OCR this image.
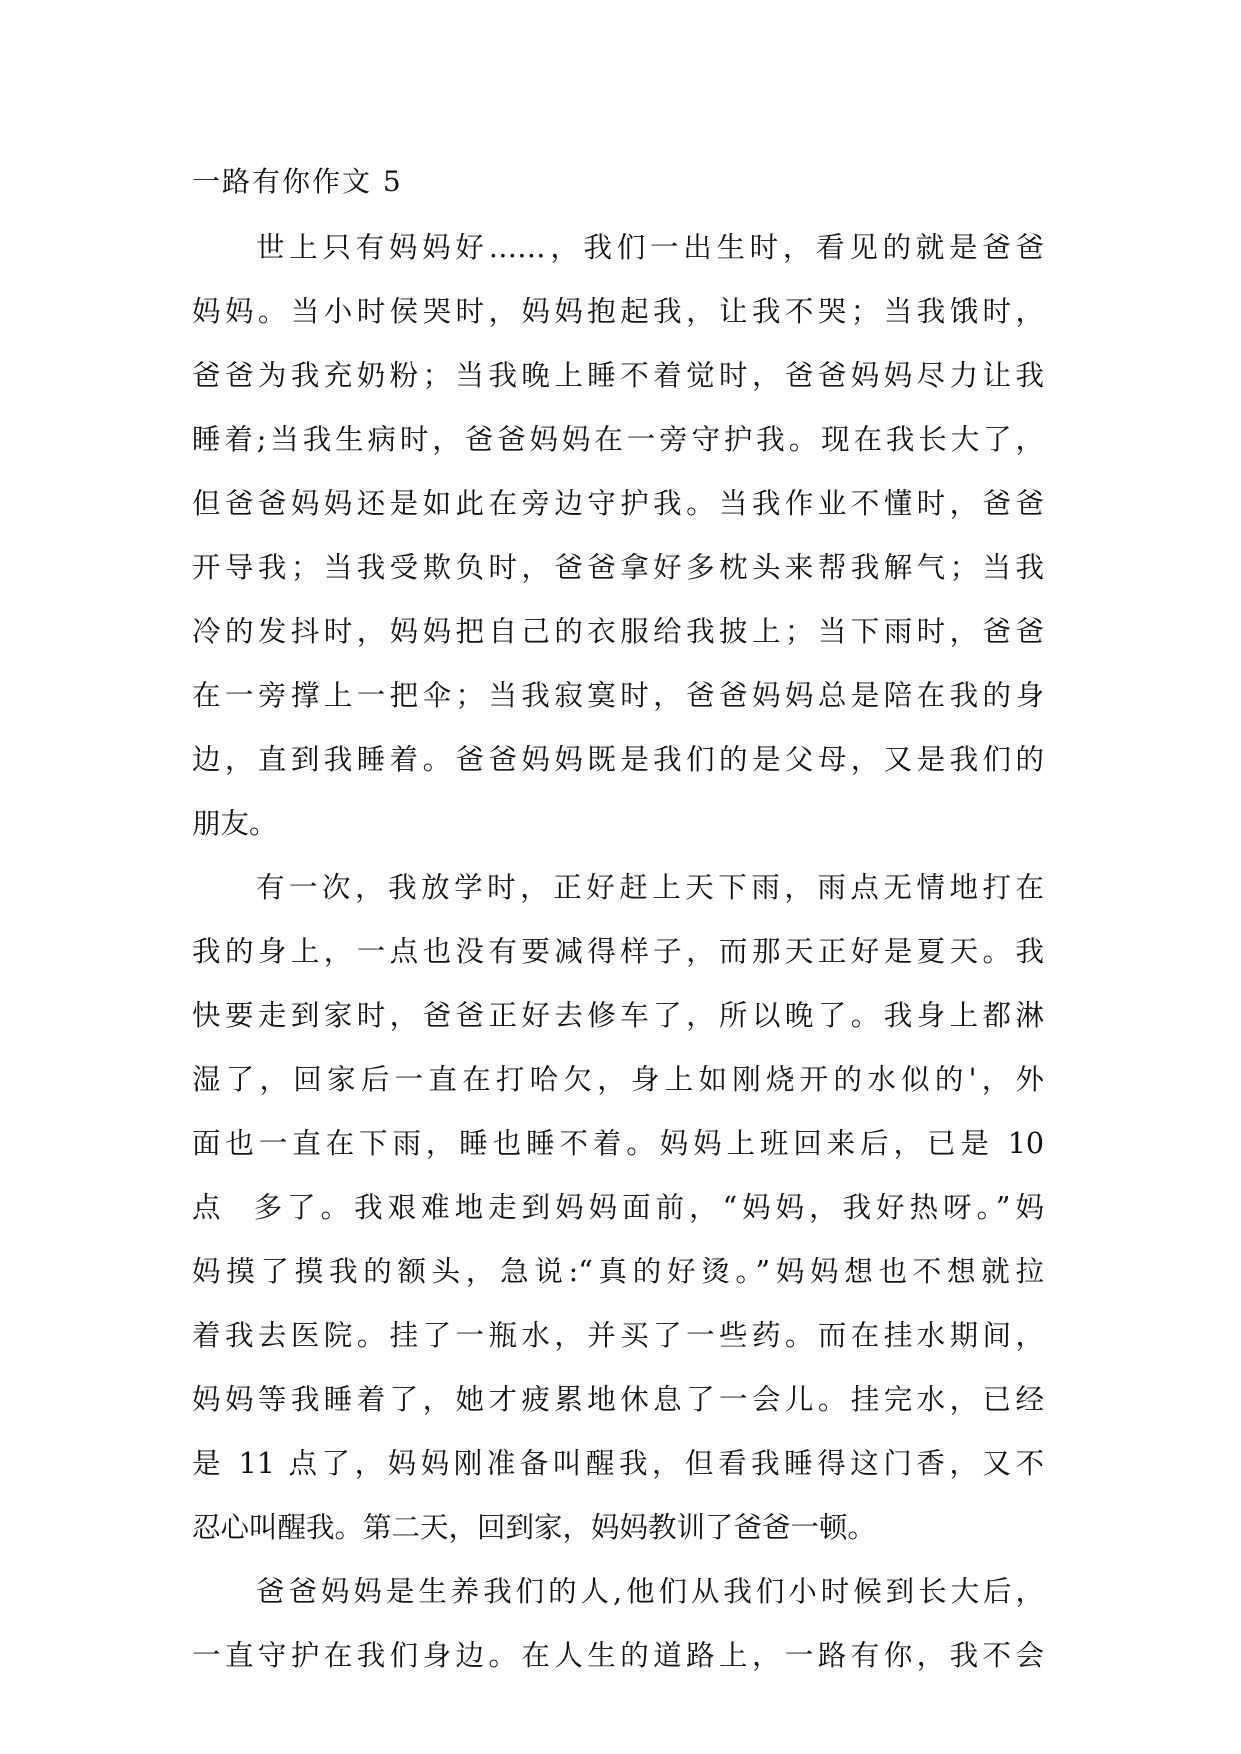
一路有你作文 5
世上只有妈妈好……，我们一出生时，看见的就是爸爸
妈妈。当小时侯哭时，妈妈抱起我，让我不哭；当我饿时，
爸爸为我充奶粉；当我晚上睡不着觉时，爸爸妈妈尽力让我
睡着;当我生病时，爸爸妈妈在一旁守护我。现在我长大了，
但爸爸妈妈还是如此在旁边守护我。当我作业不懂时，爸爸
开导我；当我受欺负时，爸爸拿好多枕头来帮我解气；当我
冷的发抖时，妈妈把自己的衣服给我披上；当下雨时，爸爸
在一旁撑上一把伞；当我寂寞时，爸爸妈妈总是陪在我的身
边，直到我睡着。爸爸妈妈既是我们的是父母，又是我们的
朋友。
有一次，我放学时，正好赶上天下雨，雨点无情地打在
我的身上，一点也没有要减得样子，而那天正好是夏天。我
快要走到家时，爸爸正好去修车了，所以晚了。我身上都淋
湿了，回家后一直在打哈欠，身上如刚烧开的水似的'，外
面也一直在下雨，睡也睡不着。妈妈上班回来后，已是 10
点  多了。我艰难地走到妈妈面前，“妈妈，我好热呀。”妈
妈摸了摸我的额头，急说:“真的好烫。”妈妈想也不想就拉
着我去医院。挂了一瓶水，并买了一些药。而在挂水期间，
妈妈等我睡着了，她才疲累地休息了一会儿。挂完水，已经
是 11 点了，妈妈刚准备叫醒我，但看我睡得这门香，又不
忍心叫醒我。第二天，回到家，妈妈教训了爸爸一顿。
爸爸妈妈是生养我们的人,他们从我们小时候到长大后，
一直守护在我们身边。在人生的道路上，一路有你，我不会
